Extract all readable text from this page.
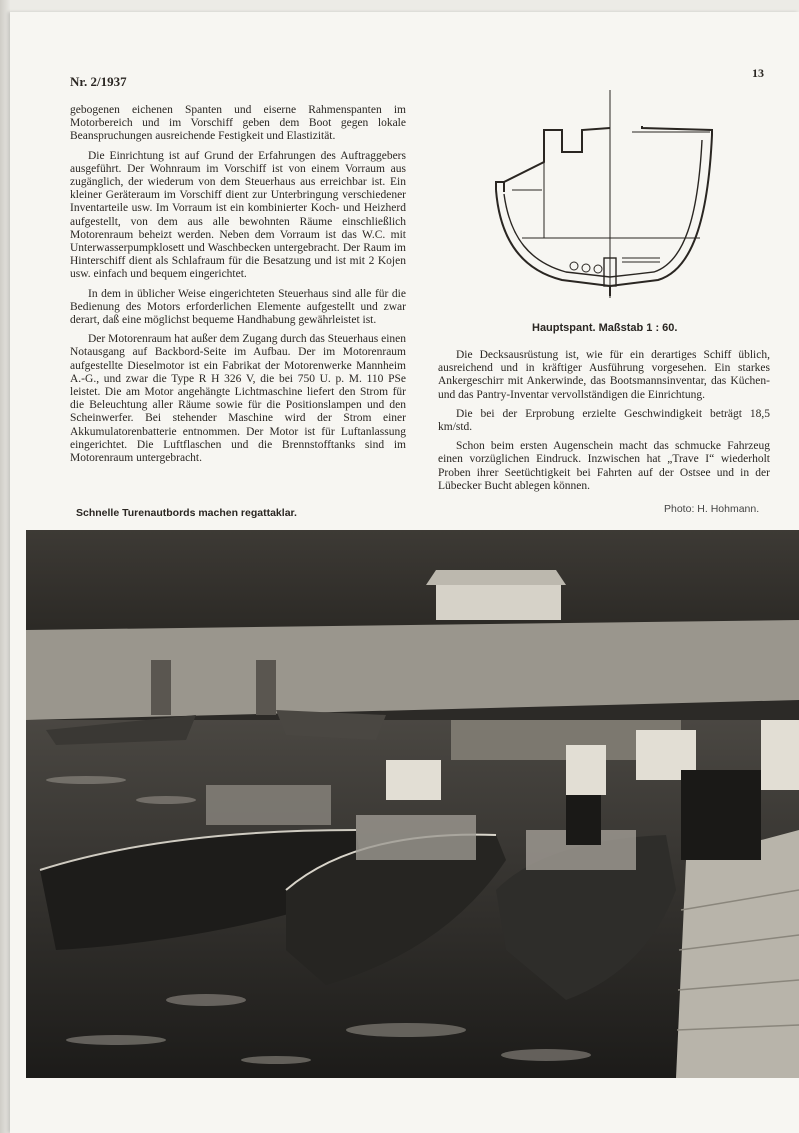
Nr. 2/1937
13

gebogenen eichenen Spanten und eiserne Rahmenspanten im Motorbereich und im Vorschiff geben dem Boot gegen lokale Beanspruchungen ausreichende Festigkeit und Elastizität.

Die Einrichtung ist auf Grund der Erfahrungen des Auftraggebers ausgeführt. Der Wohnraum im Vorschiff ist von einem Vorraum aus zugänglich, der wiederum von dem Steuerhaus aus erreichbar ist. Ein kleiner Geräteraum im Vorschiff dient zur Unterbringung verschiedener Inventarteile usw. Im Vorraum ist ein kombinierter Koch- und Heizherd aufgestellt, von dem aus alle bewohnten Räume einschließlich Motorenraum beheizt werden. Neben dem Vorraum ist das W.C. mit Unterwasserpumpklosett und Waschbecken untergebracht. Der Raum im Hinterschiff dient als Schlafraum für die Besatzung und ist mit 2 Kojen usw. einfach und bequem eingerichtet.

In dem in üblicher Weise eingerichteten Steuerhaus sind alle für die Bedienung des Motors erforderlichen Elemente aufgestellt und zwar derart, daß eine möglichst bequeme Handhabung gewährleistet ist.

Der Motorenraum hat außer dem Zugang durch das Steuerhaus einen Notausgang auf Backbord-Seite im Aufbau. Der im Motorenraum aufgestellte Dieselmotor ist ein Fabrikat der Motorenwerke Mannheim A.-G., und zwar die Type R H 326 V, die bei 750 U. p. M. 110 PSe leistet. Die am Motor angehängte Lichtmaschine liefert den Strom für die Beleuchtung aller Räume sowie für die Positionslampen und den Scheinwerfer. Bei stehender Maschine wird der Strom einer Akkumulatorenbatterie entnommen. Der Motor ist für Luftanlassung eingerichtet. Die Luftflaschen und die Brennstofftanks sind im Motorenraum untergebracht.

Hauptspant. Maßstab 1 : 60.

Die Decksausrüstung ist, wie für ein derartiges Schiff üblich, ausreichend und in kräftiger Ausführung vorgesehen. Ein starkes Ankergeschirr mit Ankerwinde, das Bootsmannsinventar, das Küchen- und das Pantry-Inventar vervollständigen die Einrichtung.

Die bei der Erprobung erzielte Geschwindigkeit beträgt 18,5 km/std.

Schon beim ersten Augenschein macht das schmucke Fahrzeug einen vorzüglichen Eindruck. Inzwischen hat „Trave I“ wiederholt Proben ihrer Seetüchtigkeit bei Fahrten auf der Ostsee und in der Lübecker Bucht ablegen können.

Schnelle Turenautbords machen regattaklar.	Photo: H. Hohmann.
